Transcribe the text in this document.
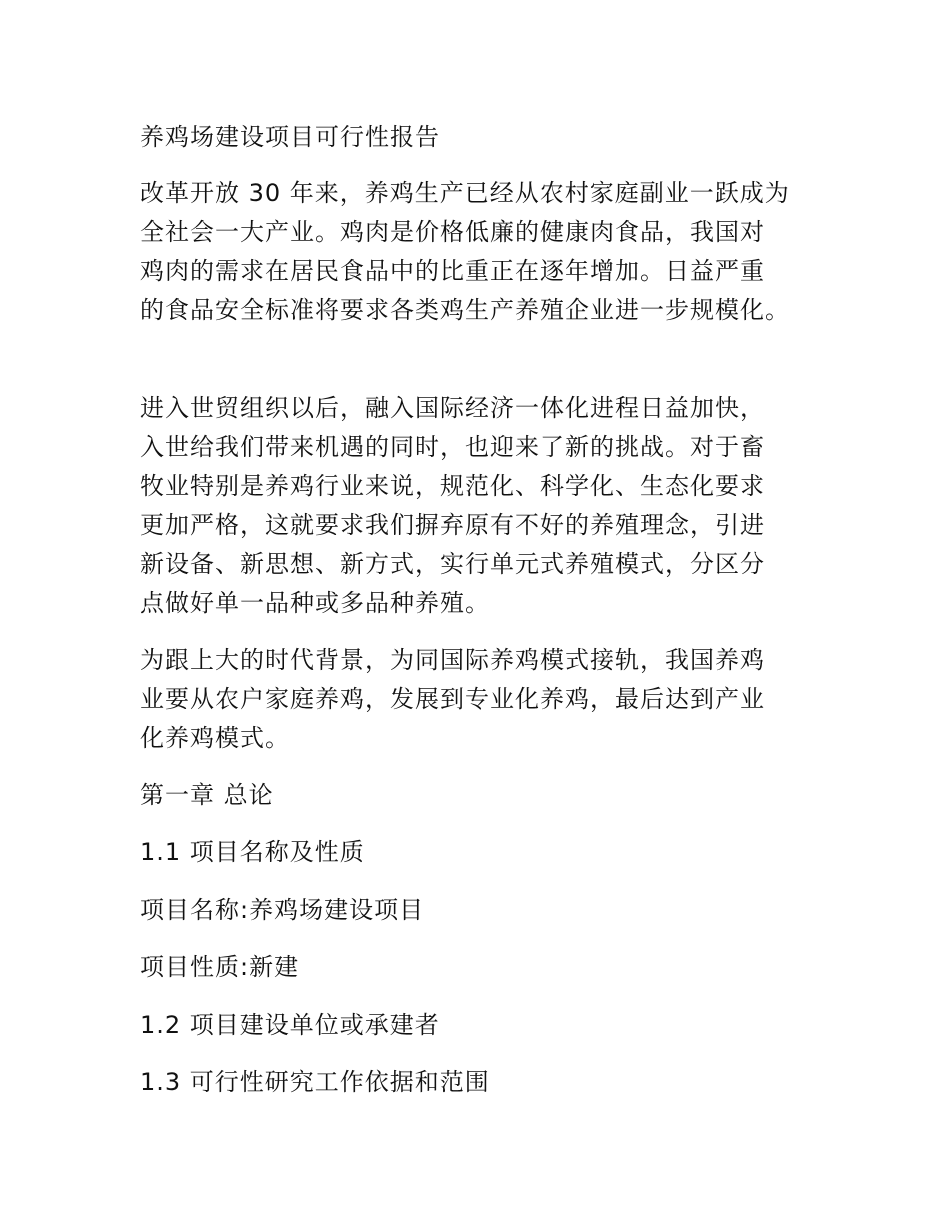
养鸡场建设项目可行性报告
改革开放 30 年来，养鸡生产已经从农村家庭副业一跃成为
全社会一大产业。鸡肉是价格低廉的健康肉食品，我国对
鸡肉的需求在居民食品中的比重正在逐年增加。日益严重
的食品安全标准将要求各类鸡生产养殖企业进一步规模化。
进入世贸组织以后，融入国际经济一体化进程日益加快，
入世给我们带来机遇的同时，也迎来了新的挑战。对于畜
牧业特别是养鸡行业来说，规范化、科学化、生态化要求
更加严格，这就要求我们摒弃原有不好的养殖理念，引进
新设备、新思想、新方式，实行单元式养殖模式，分区分
点做好单一品种或多品种养殖。
为跟上大的时代背景，为同国际养鸡模式接轨，我国养鸡
业要从农户家庭养鸡，发展到专业化养鸡，最后达到产业
化养鸡模式。
第一章 总论
1.1 项目名称及性质
项目名称:养鸡场建设项目
项目性质:新建
1.2 项目建设单位或承建者
1.3 可行性研究工作依据和范围
